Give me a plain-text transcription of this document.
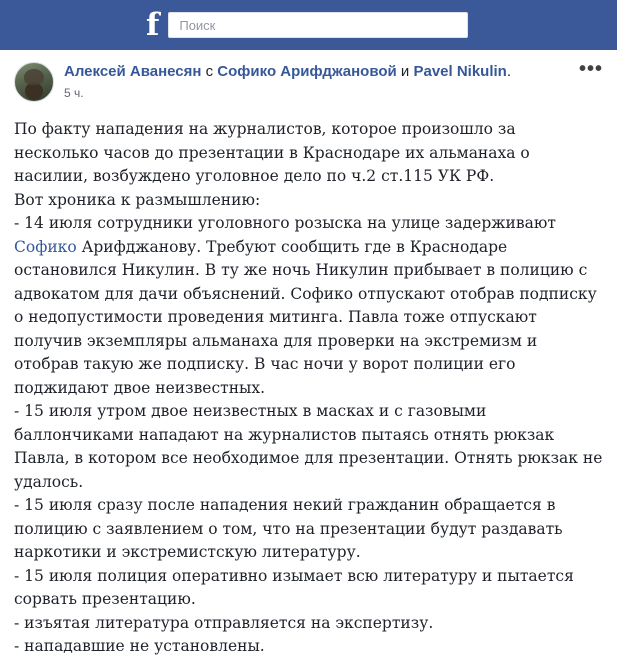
f
Поиск
Алексей Аванесян с Софико Арифджановой и Pavel Nikulin.
5 ч.
•••

По факту нападения на журналистов, которое произошло за несколько часов до презентации в Краснодаре их альманаха о насилии, возбуждено уголовное дело по ч.2 ст.115 УК РФ.

Вот хроника к размышлению:

- 14 июля сотрудники уголовного розыска на улице задерживают Софико Арифджанову. Требуют сообщить где в Краснодаре остановился Никулин. В ту же ночь Никулин прибывает в полицию с адвокатом для дачи объяснений. Софико отпускают отобрав подписку о недопустимости проведения митинга. Павла тоже отпускают получив экземпляры альманаха для проверки на экстремизм и отобрав такую же подписку. В час ночи у ворот полиции его поджидают двое неизвестных.

- 15 июля утром двое неизвестных в масках и с газовыми баллончиками нападают на журналистов пытаясь отнять рюкзак Павла, в котором все необходимое для презентации. Отнять рюкзак не удалось.

- 15 июля сразу после нападения некий гражданин обращается в полицию с заявлением о том, что на презентации будут раздавать наркотики и экстремистскую литературу.

- 15 июля полиция оперативно изымает всю литературу и пытается сорвать презентацию.

- изъятая литература отправляется на экспертизу.

- нападавшие не установлены.
